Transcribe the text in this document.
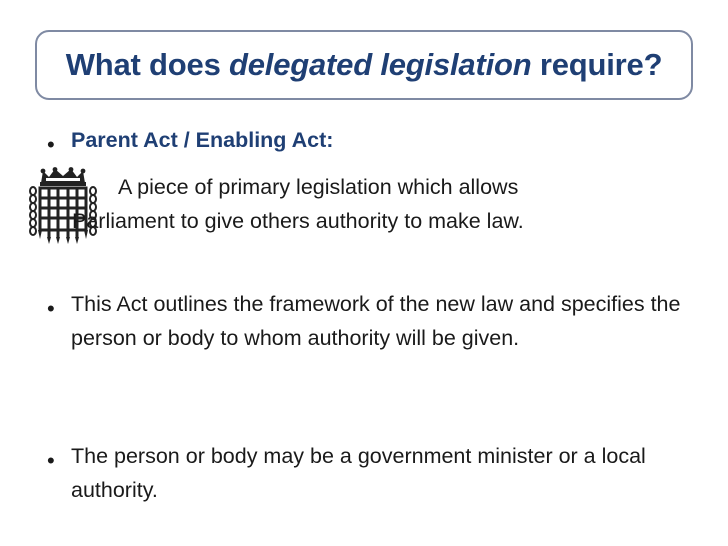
What does delegated legislation require?
• Parent Act / Enabling Act:

A piece of primary legislation which allows
Parliament to give others authority to make law.

• This Act outlines the framework of the new law and specifies the person or body to whom authority will be given.

• The person or body may be a government minister or a local authority.
